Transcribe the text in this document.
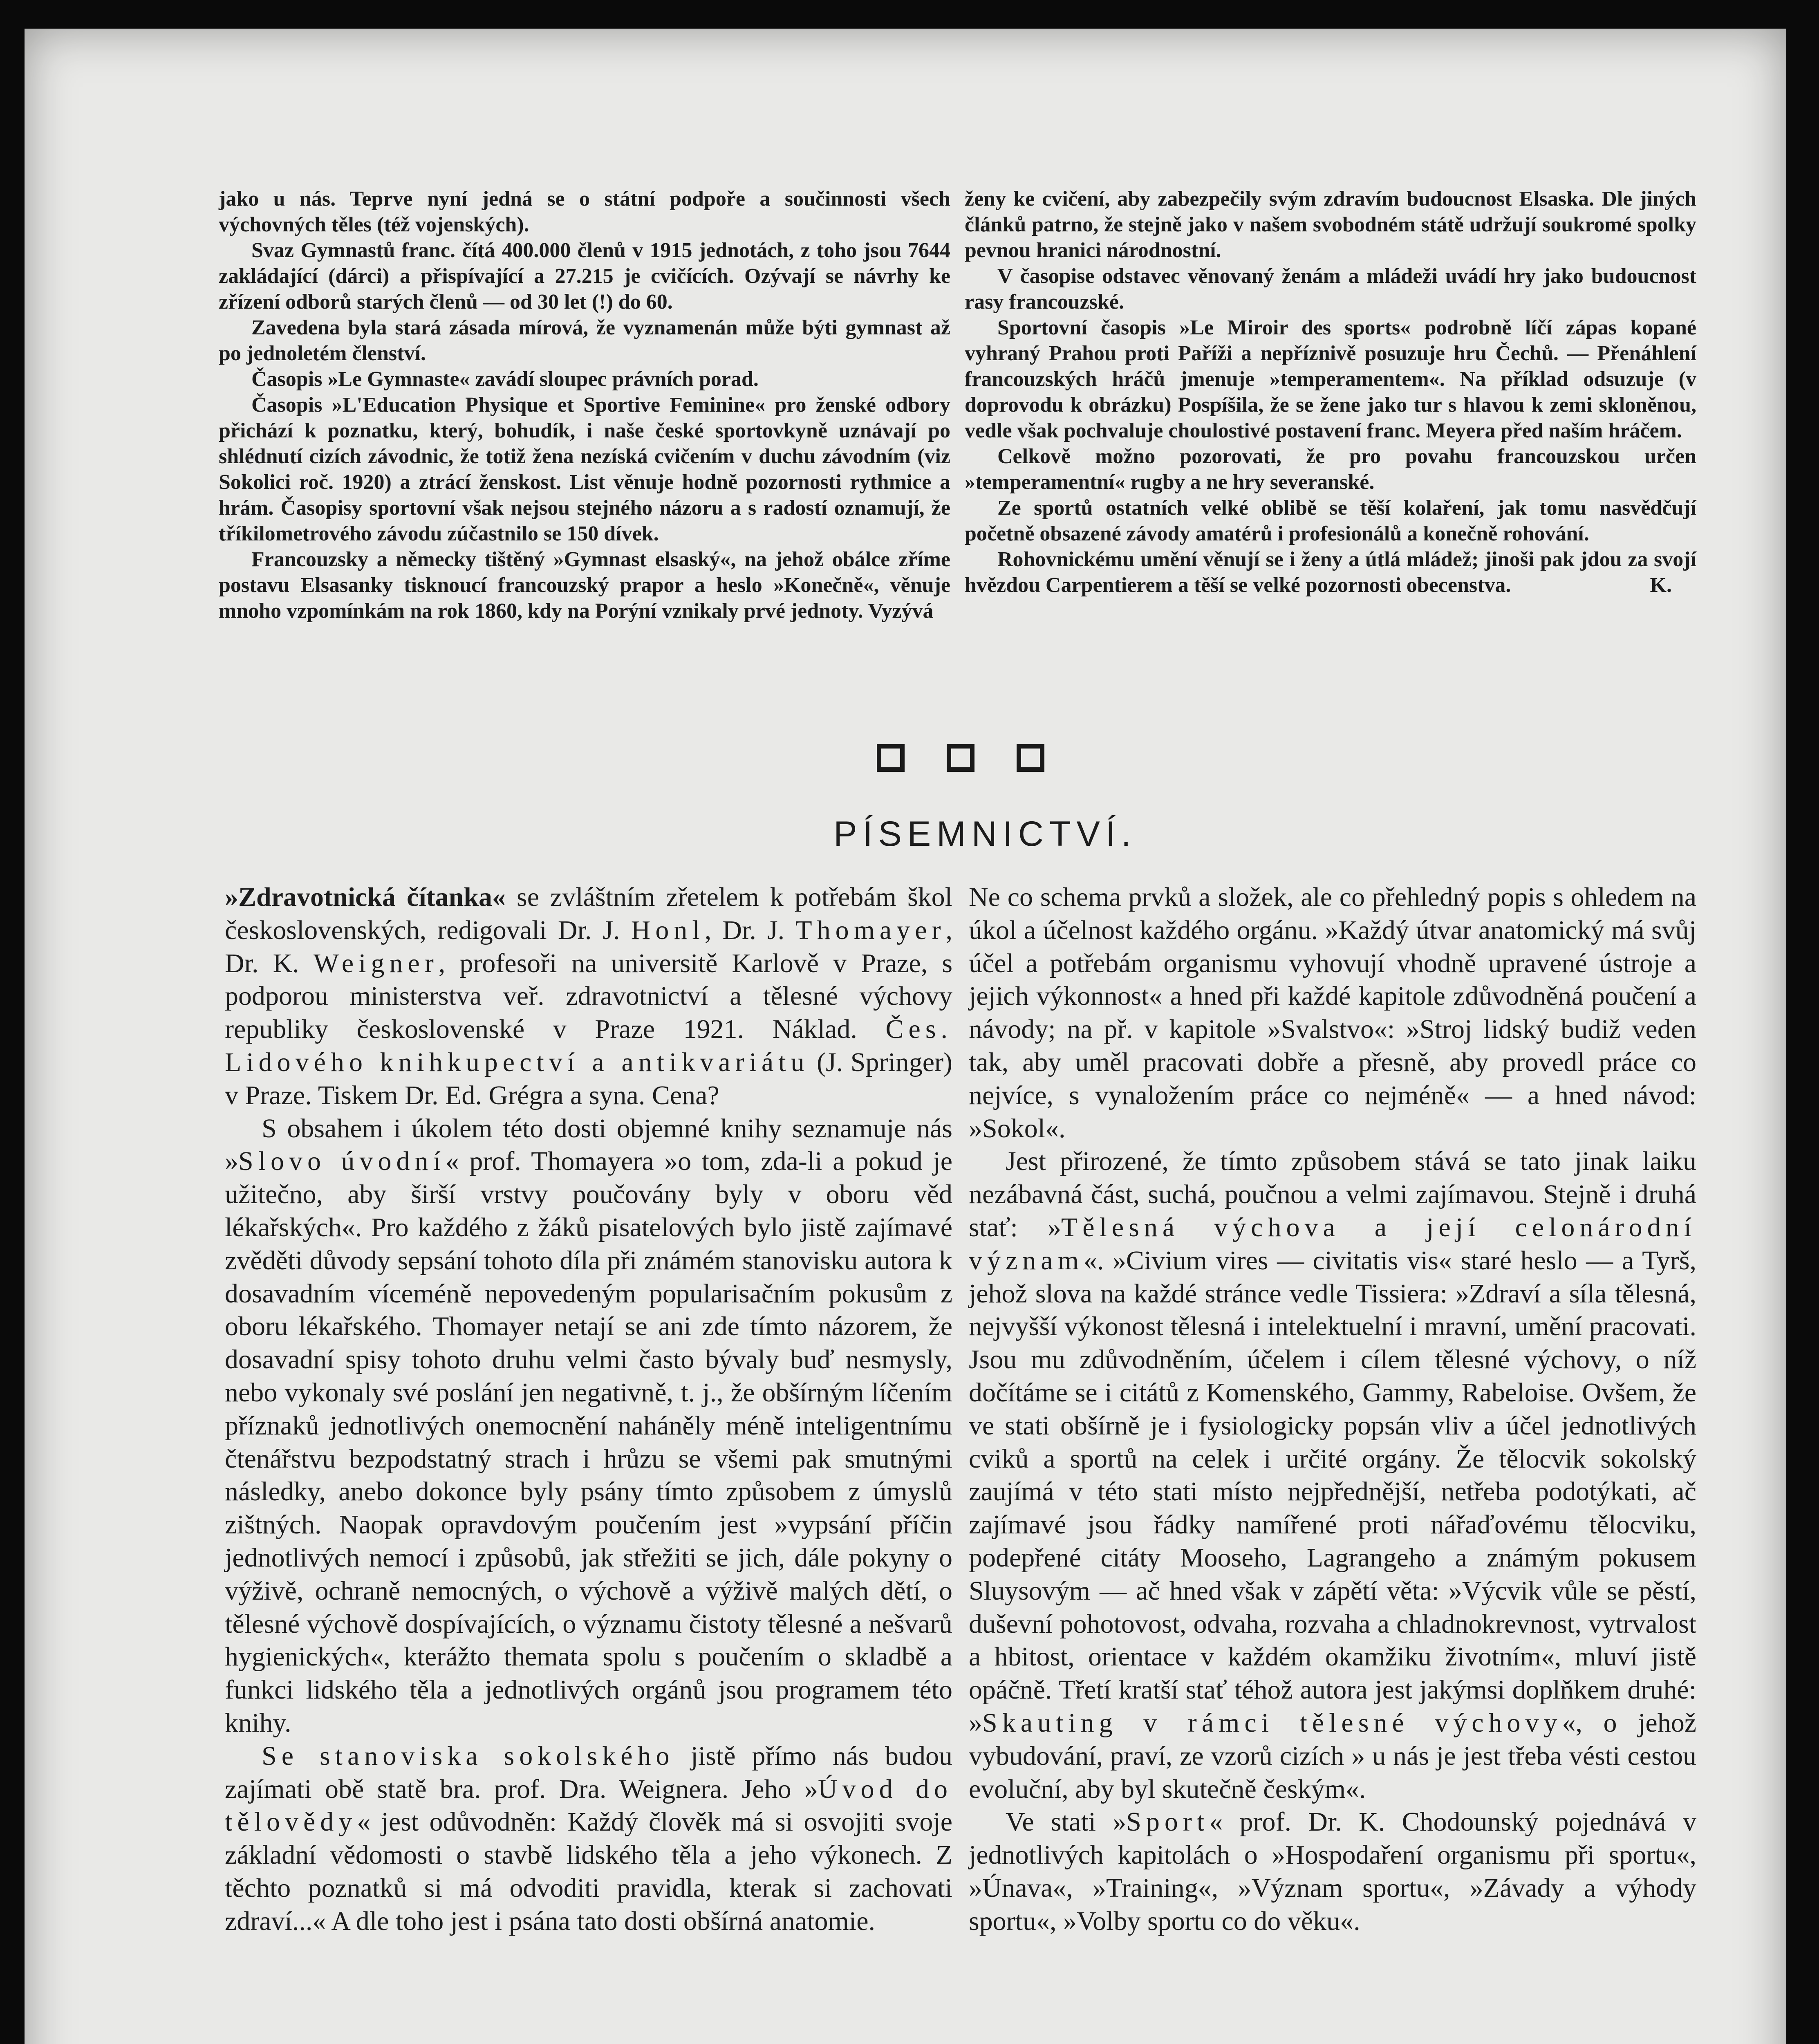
jako u nás. Teprve nyní jedná se o státní podpoře a součinnosti všech výchovných těles (též vojenských).

Svaz Gymnastů franc. čítá 400.000 členů v 1915 jednotách, z toho jsou 7644 zakládající (dárci) a přispívající a 27.215 je cvičících. Ozývají se návrhy ke zřízení odborů starých členů — od 30 let (!) do 60.

Zavedena byla stará zásada mírová, že vyznamenán může býti gymnast až po jednoletém členství.

Časopis »Le Gymnaste« zavádí sloupec právních porad.

Časopis »L'Education Physique et Sportive Feminine« pro ženské odbory přichází k poznatku, který, bohudík, i naše české sportovkyně uznávají po shlédnutí cizích závodnic, že totiž žena nezíská cvičením v duchu závodním (viz Sokolici roč. 1920) a ztrácí ženskost. List věnuje hodně pozornosti rythmice a hrám. Časopisy sportovní však nejsou stejného názoru a s radostí oznamují, že tříkilometrového závodu zúčastnilo se 150 dívek.

Francouzsky a německy tištěný »Gymnast elsaský«, na jehož obálce zříme postavu Elsasanky tisknoucí francouzský prapor a heslo »Konečně«, věnuje mnoho vzpomínkám na rok 1860, kdy na Porýní vznikaly prvé jednoty. Vyzývá

ženy ke cvičení, aby zabezpečily svým zdravím budoucnost Elsaska. Dle jiných článků patrno, že stejně jako v našem svobodném státě udržují soukromé spolky pevnou hranici národnostní.

V časopise odstavec věnovaný ženám a mládeži uvádí hry jako budoucnost rasy francouzské.

Sportovní časopis »Le Miroir des sports« podrobně líčí zápas kopané vyhraný Prahou proti Paříži a nepříznivě posuzuje hru Čechů. — Přenáhlení francouzských hráčů jmenuje »temperamentem«. Na příklad odsuzuje (v doprovodu k obrázku) Pospíšila, že se žene jako tur s hlavou k zemi skloněnou, vedle však pochvaluje choulostivé postavení franc. Meyera před naším hráčem.

Celkově možno pozorovati, že pro povahu francouzskou určen »temperamentní« rugby a ne hry severanské.

Ze sportů ostatních velké oblibě se těší kolaření, jak tomu nasvědčují početně obsazené závody amatérů i profesionálů a konečně rohování.

Rohovnickému umění věnují se i ženy a útlá mládež; jinoši pak jdou za svojí hvězdou Carpentierem a těší se velké pozornosti obecenstva.	K.

PÍSEMNICTVÍ.

»Zdravotnická čítanka« se zvláštním zřetelem k potřebám škol československých, redigovali Dr. J. Honl, Dr. J. Thomayer, Dr. K. Weigner, profesoři na universitě Karlově v Praze, s podporou ministerstva veř. zdravotnictví a tělesné výchovy republiky československé v Praze 1921. Náklad. Čes. Lidového knihkupectví a antikvariátu (J. Springer) v Praze. Tiskem Dr. Ed. Grégra a syna. Cena?

S obsahem i úkolem této dosti objemné knihy seznamuje nás »Slovo úvodní« prof. Thomayera »o tom, zda-li a pokud je užitečno, aby širší vrstvy poučovány byly v oboru věd lékařských«. Pro každého z žáků pisatelových bylo jistě zajímavé zvěděti důvody sepsání tohoto díla při známém stanovisku autora k dosavadním víceméně nepovedeným popularisačním pokusům z oboru lékařského. Thomayer netají se ani zde tímto názorem, že dosavadní spisy tohoto druhu velmi často bývaly buď nesmysly, nebo vykonaly své poslání jen negativně, t. j., že obšírným líčením příznaků jednotlivých onemocnění naháněly méně inteligentnímu čtenářstvu bezpodstatný strach i hrůzu se všemi pak smutnými následky, anebo dokonce byly psány tímto způsobem z úmyslů zištných. Naopak opravdovým poučením jest »vypsání příčin jednotlivých nemocí i způsobů, jak střežiti se jich, dále pokyny o výživě, ochraně nemocných, o výchově a výživě malých dětí, o tělesné výchově dospívajících, o významu čistoty tělesné a nešvarů hygienických«, kterážto themata spolu s poučením o skladbě a funkci lidského těla a jednotlivých orgánů jsou programem této knihy.

Se stanoviska sokolského jistě přímo nás budou zajímati obě statě bra. prof. Dra. Weignera. Jeho »Úvod do tělovědy« jest odůvodněn: Každý člověk má si osvojiti svoje základní vědomosti o stavbě lidského těla a jeho výkonech. Z těchto poznatků si má odvoditi pravidla, kterak si zachovati zdraví...« A dle toho jest i psána tato dosti obšírná anatomie.

Ne co schema prvků a složek, ale co přehledný popis s ohledem na úkol a účelnost každého orgánu. »Každý útvar anatomický má svůj účel a potřebám organismu vyhovují vhodně upravené ústroje a jejich výkonnost« a hned při každé kapitole zdůvodněná poučení a návody; na př. v kapitole »Svalstvo«: »Stroj lidský budiž veden tak, aby uměl pracovati dobře a přesně, aby provedl práce co nejvíce, s vynaložením práce co nejméně« — a hned návod: »Sokol«.

Jest přirozené, že tímto způsobem stává se tato jinak laiku nezábavná část, suchá, poučnou a velmi zajímavou. Stejně i druhá stať: »Tělesná výchova a její celonárodní význam«. »Civium vires — civitatis vis« staré heslo — a Tyrš, jehož slova na každé stránce vedle Tissiera: »Zdraví a síla tělesná, nejvyšší výkonost tělesná i intelektuelní i mravní, umění pracovati. Jsou mu zdůvodněním, účelem i cílem tělesné výchovy, o níž dočítáme se i citátů z Komenského, Gammy, Rabeloise. Ovšem, že ve stati obšírně je i fysiologicky popsán vliv a účel jednotlivých cviků a sportů na celek i určité orgány. Že tělocvik sokolský zaujímá v této stati místo nejpřednější, netřeba podotýkati, ač zajímavé jsou řádky namířené proti nářaďovému tělocviku, podepřené citáty Mooseho, Lagrangeho a známým pokusem Sluysovým — ač hned však v zápětí věta: »Výcvik vůle se pěstí, duševní pohotovost, odvaha, rozvaha a chladnokrevnost, vytrvalost a hbitost, orientace v každém okamžiku životním«, mluví jistě opáčně. Třetí kratší stať téhož autora jest jakýmsi doplňkem druhé: »Skauting v rámci tělesné výchovy«, o jehož vybudování, praví, ze vzorů cizích » u nás je jest třeba vésti cestou evoluční, aby byl skutečně českým«.

Ve stati »Sport« prof. Dr. K. Chodounský pojednává v jednotlivých kapitolách o »Hospodaření organismu při sportu«, »Únava«, »Training«, »Význam sportu«, »Závady a výhody sportu«, »Volby sportu co do věku«.
